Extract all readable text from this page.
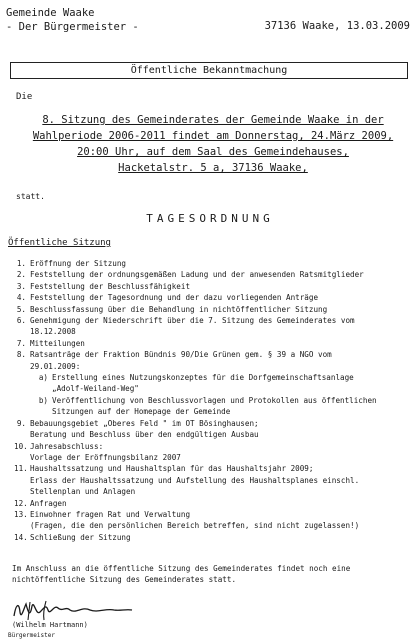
Gemeinde Waake
- Der Bürgermeister -	37136 Waake, 13.03.2009
Öffentliche Bekanntmachung
Die
8. Sitzung des Gemeinderates der Gemeinde Waake in der
Wahlperiode 2006-2011 findet am Donnerstag, 24.März 2009,
20:00 Uhr, auf dem Saal des Gemeindehauses,
Hacketalstr. 5 a, 37136 Waake,
statt.
TAGESORDNUNG
Öffentliche Sitzung
1. Eröffnung der Sitzung
2. Feststellung der ordnungsgemäßen Ladung und der anwesenden Ratsmitglieder
3. Feststellung der Beschlussfähigkeit
4. Feststellung der Tagesordnung und der dazu vorliegenden Anträge
5. Beschlussfassung über die Behandlung in nichtöffentlicher Sitzung
6. Genehmigung der Niederschrift über die 7. Sitzung des Gemeinderates vom
18.12.2008
7. Mitteilungen
8. Ratsanträge der Fraktion Bündnis 90/Die Grünen gem. § 39 a NGO vom
29.01.2009:
a) Erstellung eines Nutzungskonzeptes für die Dorfgemeinschaftsanlage
„Adolf-Weiland-Weg"
b) Veröffentlichung von Beschlussvorlagen und Protokollen aus öffentlichen
Sitzungen auf der Homepage der Gemeinde
9. Bebauungsgebiet „Oberes Feld " im OT Bösinghausen;
Beratung und Beschluss über den endgültigen Ausbau
10. Jahresabschluss:
Vorlage der Eröffnungsbilanz 2007
11. Haushaltssatzung und Haushaltsplan für das Haushaltsjahr 2009;
Erlass der Haushaltssatzung und Aufstellung des Haushaltsplanes einschl.
Stellenplan und Anlagen
12. Anfragen
13. Einwohner fragen Rat und Verwaltung
(Fragen, die den persönlichen Bereich betreffen, sind nicht zugelassen!)
14. Schließung der Sitzung
Im Anschluss an die öffentliche Sitzung des Gemeinderates findet noch eine
nichtöffentliche Sitzung des Gemeinderates statt.
(Wilhelm Hartmann)
Bürgermeister
